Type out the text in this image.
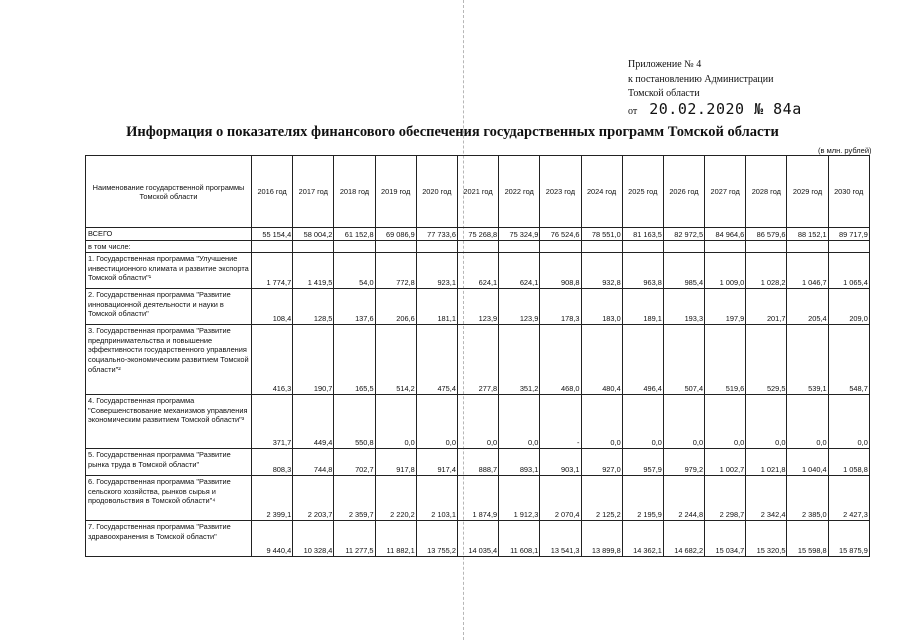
Приложение № 4
к постановлению Администрации
Томской области
от 20.02.2020 № 84а
Информация о показателях финансового обеспечения государственных программ Томской области
(в млн. рублей)
Наименование государственной программы Томской области	2016 год	2017 год	2018 год	2019 год	2020 год	2021 год	2022 год	2023 год	2024 год	2025 год	2026 год	2027 год	2028 год	2029 год	2030 год
ВСЕГО	55 154,4	58 004,2	61 152,8	69 086,9	77 733,6	75 268,8	75 324,9	76 524,6	78 551,0	81 163,5	82 972,5	84 964,6	86 579,6	88 152,1	89 717,9
в том числе:															
1. Государственная программа "Улучшение инвестиционного климата и развитие экспорта Томской области"¹	1 774,7	1 419,5	54,0	772,8	923,1	624,1	624,1	908,8	932,8	963,8	985,4	1 009,0	1 028,2	1 046,7	1 065,4
2. Государственная программа "Развитие инновационной деятельности и науки в Томской области"	108,4	128,5	137,6	206,6	181,1	123,9	123,9	178,3	183,0	189,1	193,3	197,9	201,7	205,4	209,0
3. Государственная программа "Развитие предпринимательства и повышение эффективности государственного управления социально-экономическим развитием Томской области"²	416,3	190,7	165,5	514,2	475,4	277,8	351,2	468,0	480,4	496,4	507,4	519,6	529,5	539,1	548,7
4. Государственная программа "Совершенствование механизмов управления экономическим развитием Томской области"³	371,7	449,4	550,8	0,0	0,0	0,0	0,0	-	0,0	0,0	0,0	0,0	0,0	0,0	0,0
5. Государственная программа "Развитие рынка труда в Томской области"	808,3	744,8	702,7	917,8	917,4	888,7	893,1	903,1	927,0	957,9	979,2	1 002,7	1 021,8	1 040,4	1 058,8
6. Государственная программа "Развитие сельского хозяйства, рынков сырья и продовольствия в Томской области"⁴	2 399,1	2 203,7	2 359,7	2 220,2	2 103,1	1 874,9	1 912,3	2 070,4	2 125,2	2 195,9	2 244,8	2 298,7	2 342,4	2 385,0	2 427,3
7. Государственная программа "Развитие здравоохранения в Томской области"	9 440,4	10 328,4	11 277,5	11 882,1	13 755,2	14 035,4	11 608,1	13 541,3	13 899,8	14 362,1	14 682,2	15 034,7	15 320,5	15 598,8	15 875,9
